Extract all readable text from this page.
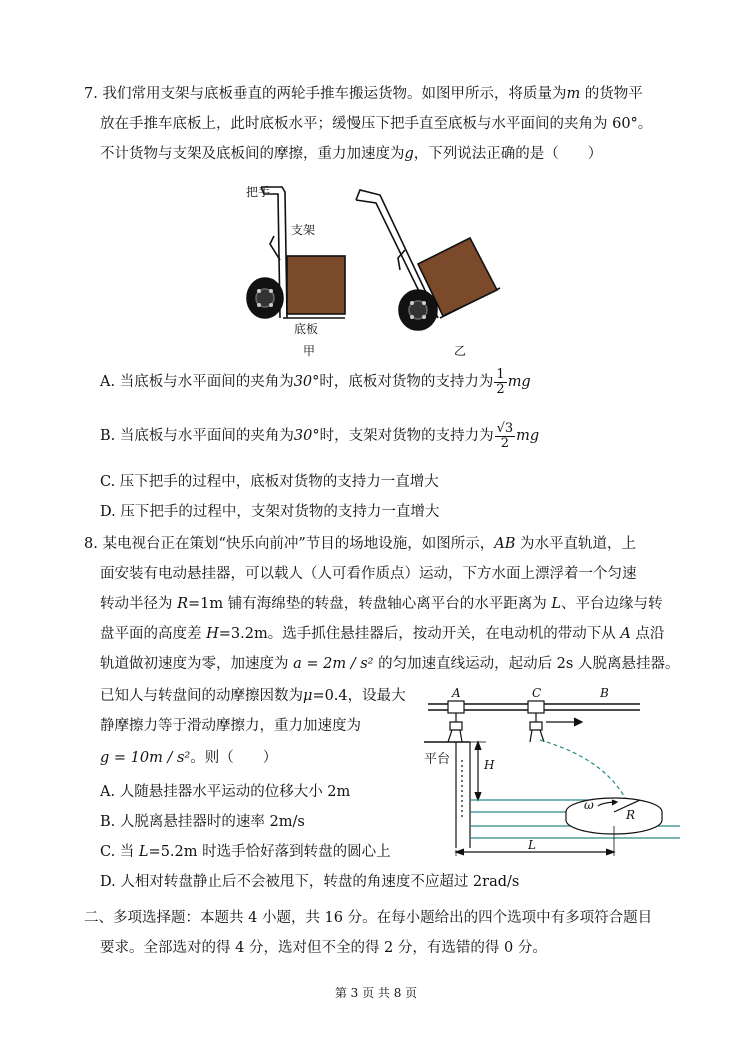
7. 我们常用支架与底板垂直的两轮手推车搬运货物。如图甲所示，将质量为m 的货物平
放在手推车底板上，此时底板水平；缓慢压下把手直至底板与水平面间的夹角为 60°。
不计货物与支架及底板间的摩擦，重力加速度为g，下列说法正确的是（　　）
把手
支架
底板
甲	乙
A. 当底板与水平面间的夹角为30°时，底板对货物的支持力为 $\frac{1}{2}$ mg
B. 当底板与水平面间的夹角为30°时，支架对货物的支持力为 $\frac{√3}{2}$ mg
C. 压下把手的过程中，底板对货物的支持力一直增大
D. 压下把手的过程中，支架对货物的支持力一直增大
8. 某电视台正在策划“快乐向前冲”节目的场地设施，如图所示，AB 为水平直轨道，上
面安装有电动悬挂器，可以载人（人可看作质点）运动，下方水面上漂浮着一个匀速
转动半径为 R=1m 铺有海绵垫的转盘，转盘轴心离平台的水平距离为 L、平台边缘与转
盘平面的高度差 H=3.2m。选手抓住悬挂器后，按动开关，在电动机的带动下从 A 点沿
轨道做初速度为零，加速度为 a = 2m / s² 的匀加速直线运动，起动后 2s 人脱离悬挂器。
已知人与转盘间的动摩擦因数为μ=0.4，设最大
静摩擦力等于滑动摩擦力，重力加速度为
g = 10m / s²。则（　　）
A	C	B
平台	H
ω
R
L
A. 人随悬挂器水平运动的位移大小 2m
B. 人脱离悬挂器时的速率 2m/s
C. 当 L=5.2m 时选手恰好落到转盘的圆心上
D. 人相对转盘静止后不会被甩下，转盘的角速度不应超过 2rad/s
二、多项选择题：本题共 4 小题，共 16 分。在每小题给出的四个选项中有多项符合题目
要求。全部选对的得 4 分，选对但不全的得 2 分，有选错的得 0 分。
第 3 页 共 8 页
